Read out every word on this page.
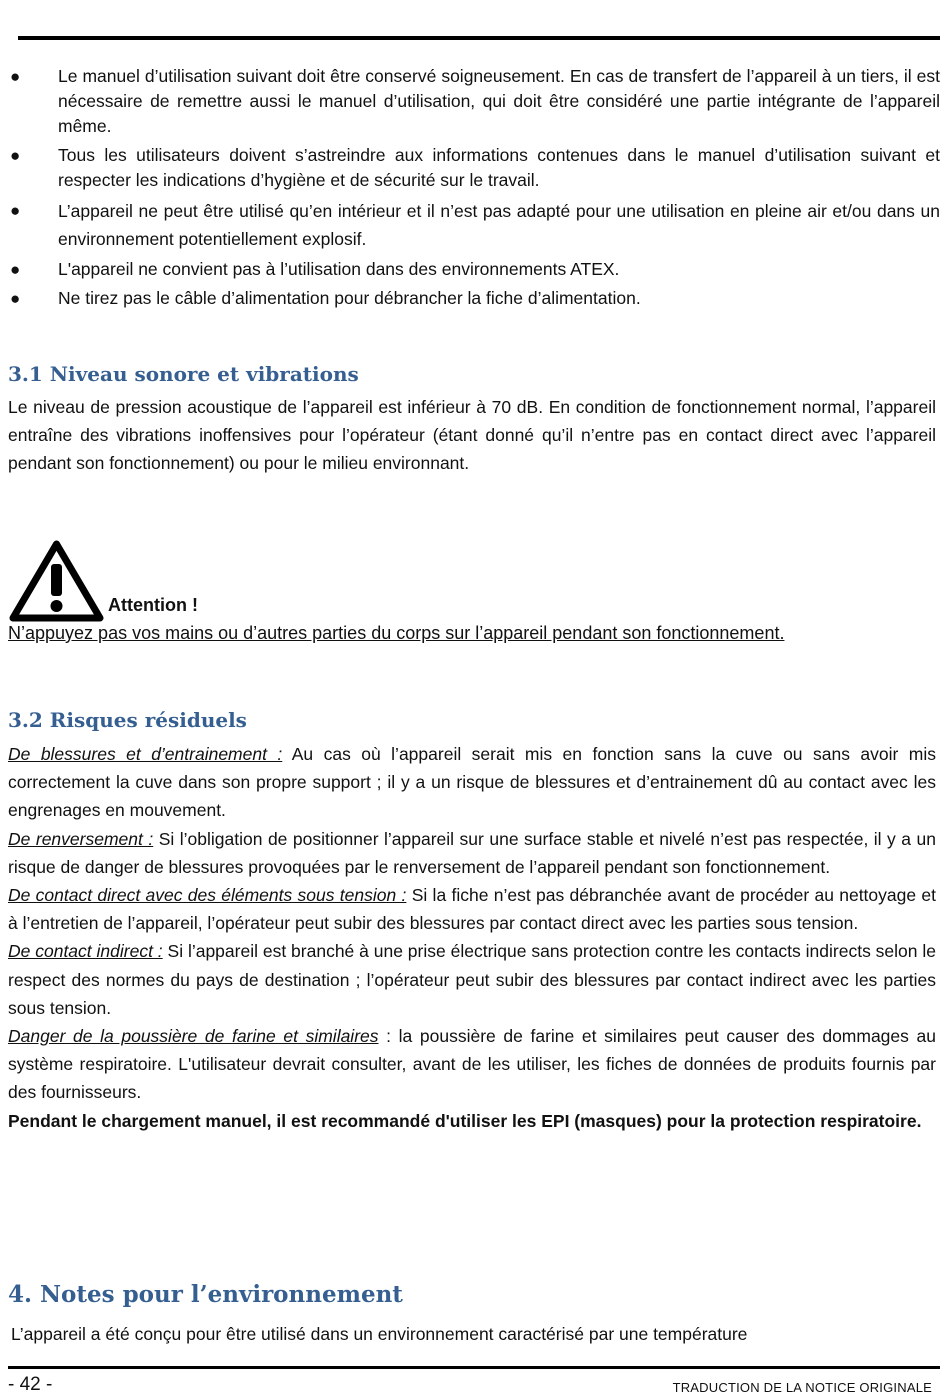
● Le manuel d’utilisation suivant doit être conservé soigneusement. En cas de transfert de l’appareil à un tiers, il est nécessaire de remettre aussi le manuel d’utilisation, qui doit être considéré une partie intégrante de l’appareil même.
● Tous les utilisateurs doivent s’astreindre aux informations contenues dans le manuel d’utilisation suivant et respecter les indications d’hygiène et de sécurité sur le travail.
● L’appareil ne peut être utilisé qu’en intérieur et il n’est pas adapté pour une utilisation en pleine air et/ou dans un environnement potentiellement explosif.
● L'appareil ne convient pas à l’utilisation dans des environnements ATEX.
● Ne tirez pas le câble d’alimentation pour débrancher la fiche d’alimentation.
3.1 Niveau sonore et vibrations

Le niveau de pression acoustique de l’appareil est inférieur à 70 dB. En condition de fonctionnement normal, l’appareil entraîne des vibrations inoffensives pour l’opérateur (étant donné qu’il n’entre pas en contact direct avec l’appareil pendant son fonctionnement) ou pour le milieu environnant.

Attention !
N’appuyez pas vos mains ou d’autres parties du corps sur l’appareil pendant son fonctionnement.
3.2 Risques résiduels
De blessures et d’entrainement : Au cas où l’appareil serait mis en fonction sans la cuve ou sans avoir mis correctement la cuve dans son propre support ; il y a un risque de blessures et d’entrainement dû au contact avec les engrenages en mouvement.
De renversement : Si l’obligation de positionner l’appareil sur une surface stable et nivelé n’est pas respectée, il y a un risque de danger de blessures provoquées par le renversement de l’appareil pendant son fonctionnement.
De contact direct avec des éléments sous tension : Si la fiche n’est pas débranchée avant de procéder au nettoyage et à l’entretien de l’appareil, l’opérateur peut subir des blessures par contact direct avec les parties sous tension.
De contact indirect : Si l’appareil est branché à une prise électrique sans protection contre les contacts indirects selon le respect des normes du pays de destination ; l’opérateur peut subir des blessures par contact indirect avec les parties sous tension.
Danger de la poussière de farine et similaires : la poussière de farine et similaires peut causer des dommages au système respiratoire. L'utilisateur devrait consulter, avant de les utiliser, les fiches de données de produits fournis par des fournisseurs.
Pendant le chargement manuel, il est recommandé d'utiliser les EPI (masques) pour la protection respiratoire.
4. Notes pour l’environnement

L’appareil a été conçu pour être utilisé dans un environnement caractérisé par une température

- 42 -	TRADUCTION DE LA NOTICE ORIGINALE
